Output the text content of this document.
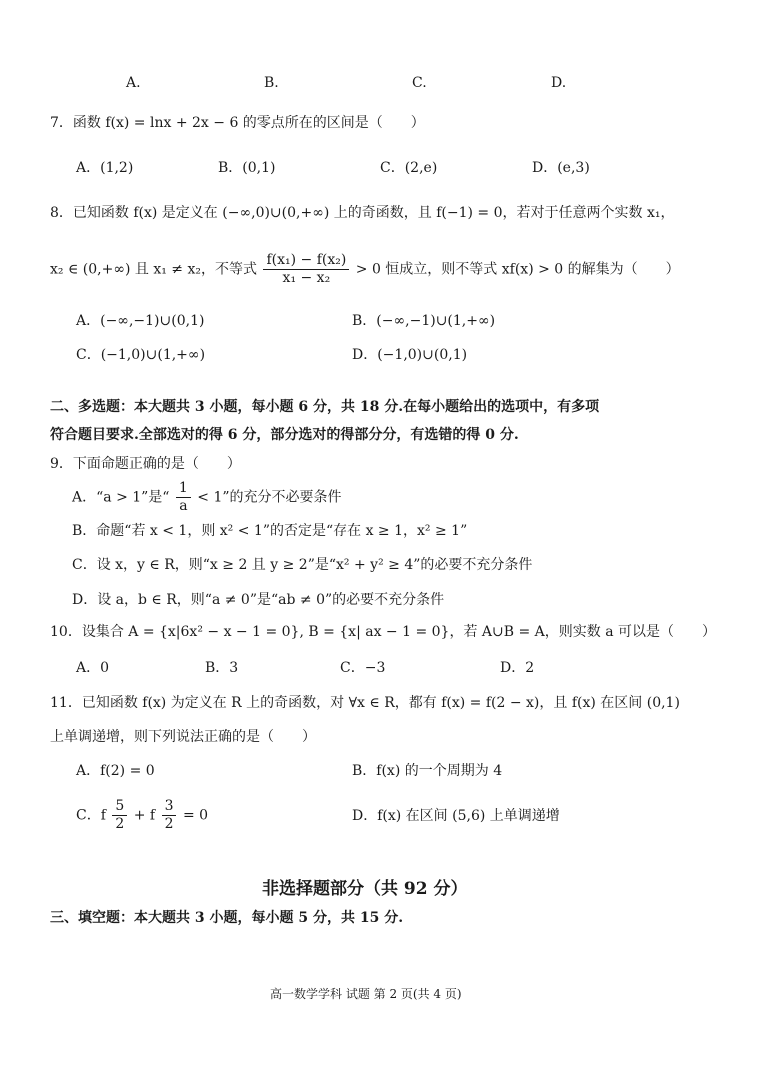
A.	B.	C.	D.
7．函数 f(x) = lnx + 2x − 6 的零点所在的区间是（　　）
A．(1,2)	B．(0,1)	C．(2,e)	D．(e,3)
8．已知函数 f(x) 是定义在 (−∞,0)∪(0,+∞) 上的奇函数，且 f(−1) = 0，若对于任意两个实数 x₁，
x₂ ∈ (0,+∞) 且 x₁ ≠ x₂，不等式 $\frac{\text{f(x₁) − f(x₂)}}{\text{x₁ − x₂}} > 0$ 恒成立，则不等式 xf(x) > 0 的解集为（　　）
A．(−∞,−1)∪(0,1)	B．(−∞,−1)∪(1,+∞)
C．(−1,0)∪(1,+∞)	D．(−1,0)∪(0,1)
二、多选题：本大题共 3 小题，每小题 6 分，共 18 分.在每小题给出的选项中，有多项
符合题目要求.全部选对的得 6 分，部分选对的得部分分，有选错的得 0 分.
9．下面命题正确的是（　　）
A．“a > 1”是“ $\frac{1}{a} < 1$”的充分不必要条件
B．命题“若 x < 1，则 x² < 1”的否定是“存在 x ≥ 1，x² ≥ 1”
C．设 x，y ∈ R，则“x ≥ 2 且 y ≥ 2”是“x² + y² ≥ 4”的必要不充分条件
D．设 a，b ∈ R，则“a ≠ 0”是“ab ≠ 0”的必要不充分条件
10．设集合 A = {x|6x² − x − 1 = 0}, B = {x| ax − 1 = 0}，若 A∪B = A，则实数 a 可以是（　　）
A．0	B．3	C．−3	D．2
11．已知函数 f(x) 为定义在 R 上的奇函数，对 ∀x ∈ R，都有 f(x) = f(2 − x)，且 f(x) 在区间 (0,1)
上单调递增，则下列说法正确的是（　　）
A．f(2) = 0	B．f(x) 的一个周期为 4
C．f $\frac{5}{2} + f \frac{3}{2} = 0$	D．f(x) 在区间 (5,6) 上单调递增
非选择题部分（共 92 分）
三、填空题：本大题共 3 小题，每小题 5 分，共 15 分.
高一数学学科 试题 第 2 页(共 4 页)
